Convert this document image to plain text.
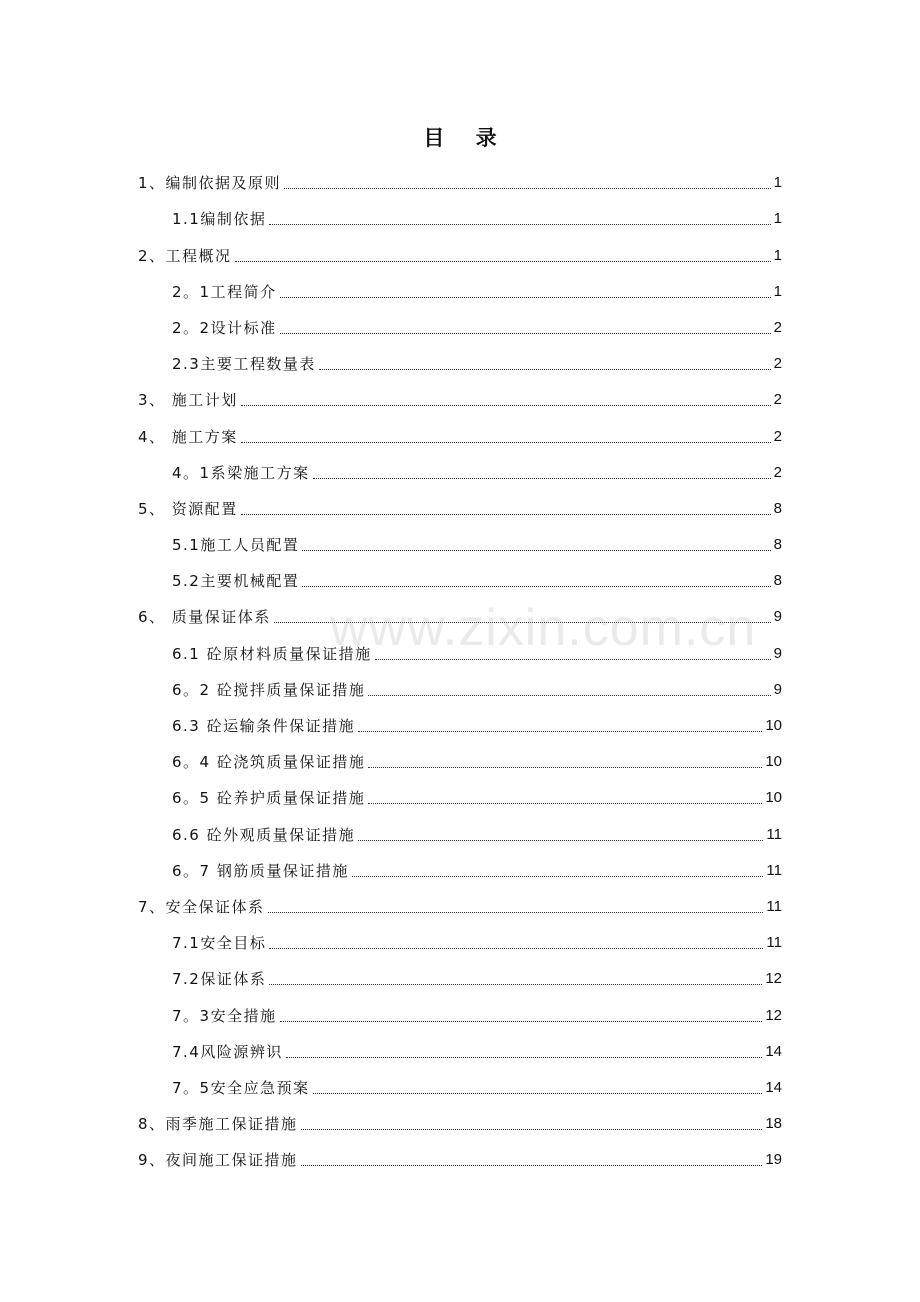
目 录
1、编制依据及原则	1
1.1编制依据	1
2、工程概况	1
2。1工程简介	1
2。2设计标准	2
2.3主要工程数量表	2
3、 施工计划	2
4、 施工方案	2
4。1系梁施工方案	2
5、 资源配置	8
5.1施工人员配置	8
5.2主要机械配置	8
6、 质量保证体系	9
6.1 砼原材料质量保证措施	9
6。2 砼搅拌质量保证措施	9
6.3 砼运输条件保证措施	10
6。4 砼浇筑质量保证措施	10
6。5 砼养护质量保证措施	10
6.6 砼外观质量保证措施	11
6。7 钢筋质量保证措施	11
7、安全保证体系	11
7.1安全目标	11
7.2保证体系	12
7。3安全措施	12
7.4风险源辨识	14
7。5安全应急预案	14
8、雨季施工保证措施	18
9、夜间施工保证措施	19
www.zixin.com.cn
